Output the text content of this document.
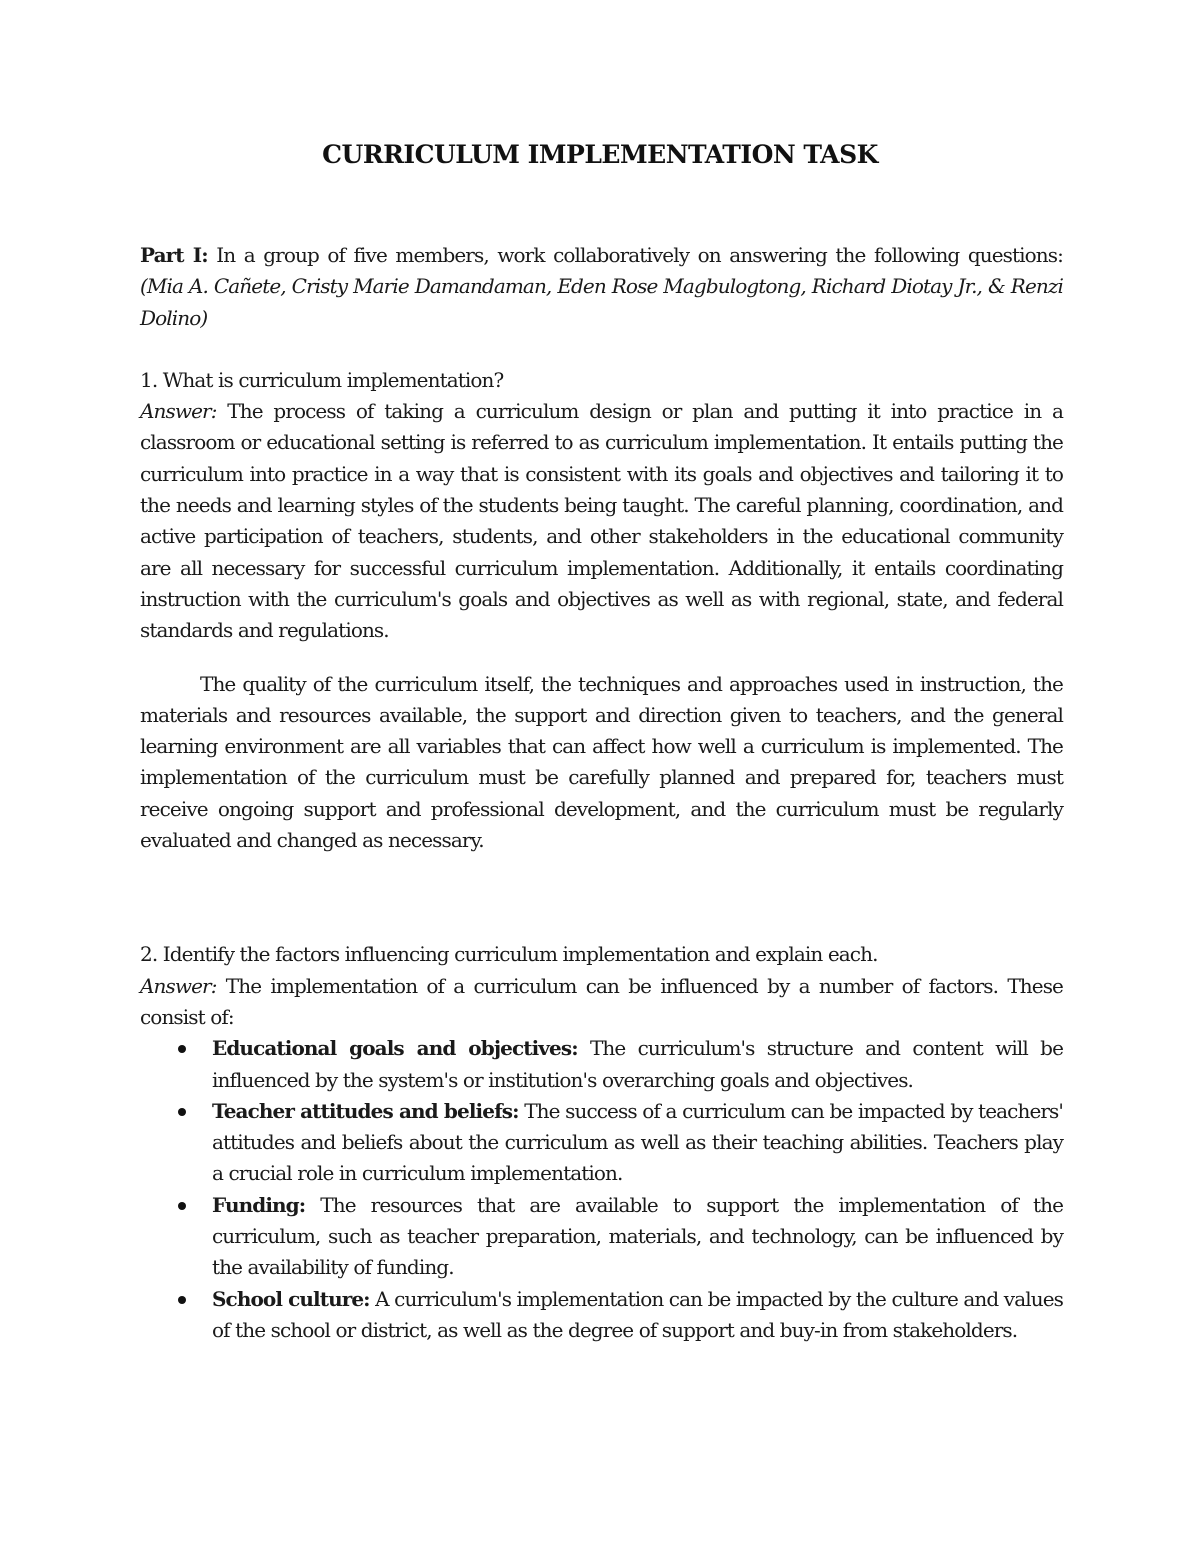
CURRICULUM IMPLEMENTATION TASK

Part I: In a group of five members, work collaboratively on answering the following questions: (Mia A. Cañete, Cristy Marie Damandaman, Eden Rose Magbulogtong, Richard Diotay Jr., & Renzi Dolino)

1. What is curriculum implementation?

Answer: The process of taking a curriculum design or plan and putting it into practice in a classroom or educational setting is referred to as curriculum implementation. It entails putting the curriculum into practice in a way that is consistent with its goals and objectives and tailoring it to the needs and learning styles of the students being taught. The careful planning, coordination, and active participation of teachers, students, and other stakeholders in the educational community are all necessary for successful curriculum implementation. Additionally, it entails coordinating instruction with the curriculum's goals and objectives as well as with regional, state, and federal standards and regulations.

The quality of the curriculum itself, the techniques and approaches used in instruction, the materials and resources available, the support and direction given to teachers, and the general learning environment are all variables that can affect how well a curriculum is implemented. The implementation of the curriculum must be carefully planned and prepared for, teachers must receive ongoing support and professional development, and the curriculum must be regularly evaluated and changed as necessary.

2. Identify the factors influencing curriculum implementation and explain each.

Answer: The implementation of a curriculum can be influenced by a number of factors. These consist of:

Educational goals and objectives: The curriculum's structure and content will be influenced by the system's or institution's overarching goals and objectives.
Teacher attitudes and beliefs: The success of a curriculum can be impacted by teachers' attitudes and beliefs about the curriculum as well as their teaching abilities. Teachers play a crucial role in curriculum implementation.
Funding: The resources that are available to support the implementation of the curriculum, such as teacher preparation, materials, and technology, can be influenced by the availability of funding.
School culture: A curriculum's implementation can be impacted by the culture and values of the school or district, as well as the degree of support and buy-in from stakeholders.
